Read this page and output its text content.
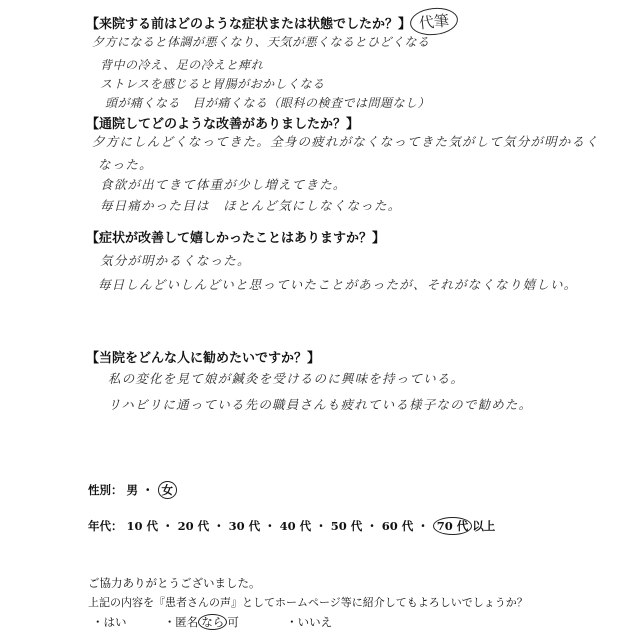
【来院する前はどのような症状または状態でしたか？】 代筆
夕方になると体調が悪くなり、天気が悪くなるとひどくなる
背中の冷え、足の冷えと痺れ
ストレスを感じると胃腸がおかしくなる
頭が痛くなる　目が痛くなる（眼科の検査では問題なし）
【通院してどのような改善がありましたか？】
夕方にしんどくなってきた。全身の疲れがなくなってきた気がして気分が明かるく
なった。
食欲が出てきて体重が少し増えてきた。
毎日痛かった目は　ほとんど気にしなくなった。
【症状が改善して嬉しかったことはありますか？】
気分が明かるくなった。
毎日しんどいしんどいと思っていたことがあったが、それがなくなり嬉しい。
【当院をどんな人に勧めたいですか？】
私の変化を見て娘が鍼灸を受けるのに興味を持っている。
リハビリに通っている先の職員さんも疲れている様子なので勧めた。
性別： 男 ・ 女
年代： 10 代 ・ 20 代 ・ 30 代 ・ 40 代 ・ 50 代 ・ 60 代 ・ 70 代 以上
ご協力ありがとうございました。
上記の内容を『患者さんの声』としてホームページ等に紹介してもよろしいでしょうか？
・はい	・匿名 なら 可	・いいえ
